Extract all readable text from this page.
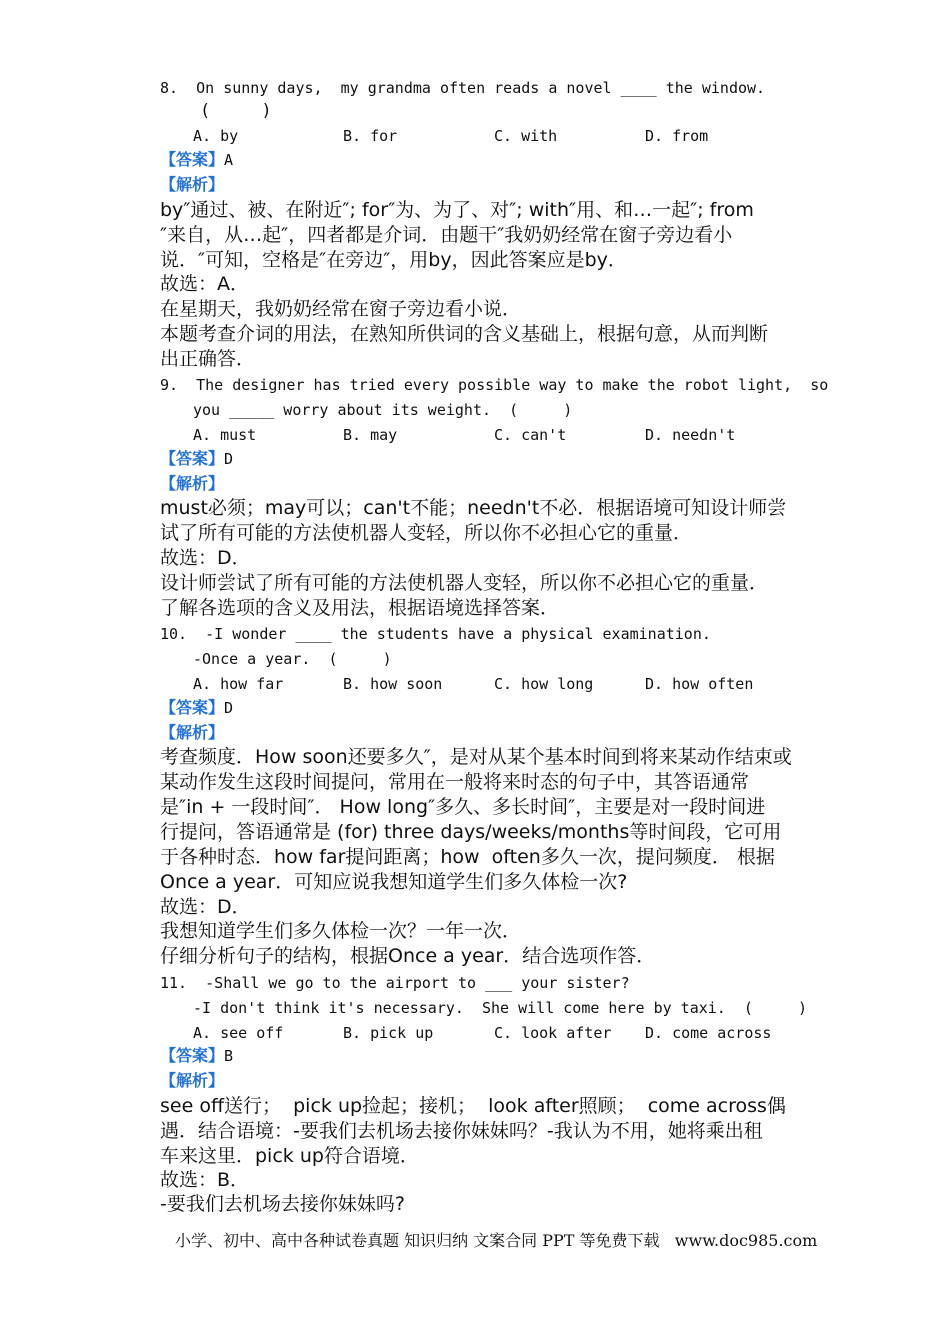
8.  On sunny days,  my grandma often reads a novel ____ the window.
(     )
A. by	B. for	C. with	D. from
【答案】A
【解析】
by″通过、被、在附近″; for″为、为了、对″; with″用、和…一起″; from
″来自，从…起″，四者都是介词．由题干″我奶奶经常在窗子旁边看小
说．″可知，空格是″在旁边″，用by，因此答案应是by．
故选：A．
在星期天，我奶奶经常在窗子旁边看小说．
本题考查介词的用法，在熟知所供词的含义基础上，根据句意，从而判断
出正确答．
9.  The designer has tried every possible way to make the robot light,  so
you _____ worry about its weight.  (     )
A. must	B. may	C. can't	D. needn't
【答案】D
【解析】
must必须；may可以；can't不能；needn't不必．根据语境可知设计师尝
试了所有可能的方法使机器人变轻，所以你不必担心它的重量．
故选：D．
设计师尝试了所有可能的方法使机器人变轻，所以你不必担心它的重量．
了解各选项的含义及用法，根据语境选择答案．
10.  -I wonder ____ the students have a physical examination.
-Once a year.  (     )
A. how far	B. how soon	C. how long	D. how often
【答案】D
【解析】
考查频度．How soon还要多久″，是对从某个基本时间到将来某动作结束或
某动作发生这段时间提问，常用在一般将来时态的句子中，其答语通常
是″in + 一段时间″． How long″多久、多长时间″，主要是对一段时间进
行提问，答语通常是 (for) three days/weeks/months等时间段，它可用
于各种时态．how far提问距离；how  often多久一次，提问频度． 根据
Once a year．可知应说我想知道学生们多久体检一次?
故选：D．
我想知道学生们多久体检一次？一年一次．
仔细分析句子的结构，根据Once a year．结合选项作答．
11.  -Shall we go to the airport to ___ your sister?
-I don't think it's necessary.  She will come here by taxi.  (     )
A. see off	B. pick up	C. look after D. come across
【答案】B
【解析】
see off送行；  pick up捡起；接机；  look after照顾；  come across偶
遇．结合语境：-要我们去机场去接你妹妹吗？-我认为不用，她将乘出租
车来这里．pick up符合语境．
故选：B．
-要我们去机场去接你妹妹吗?
小学、初中、高中各种试卷真题 知识归纳 文案合同 PPT 等免费下载   www.doc985.com
